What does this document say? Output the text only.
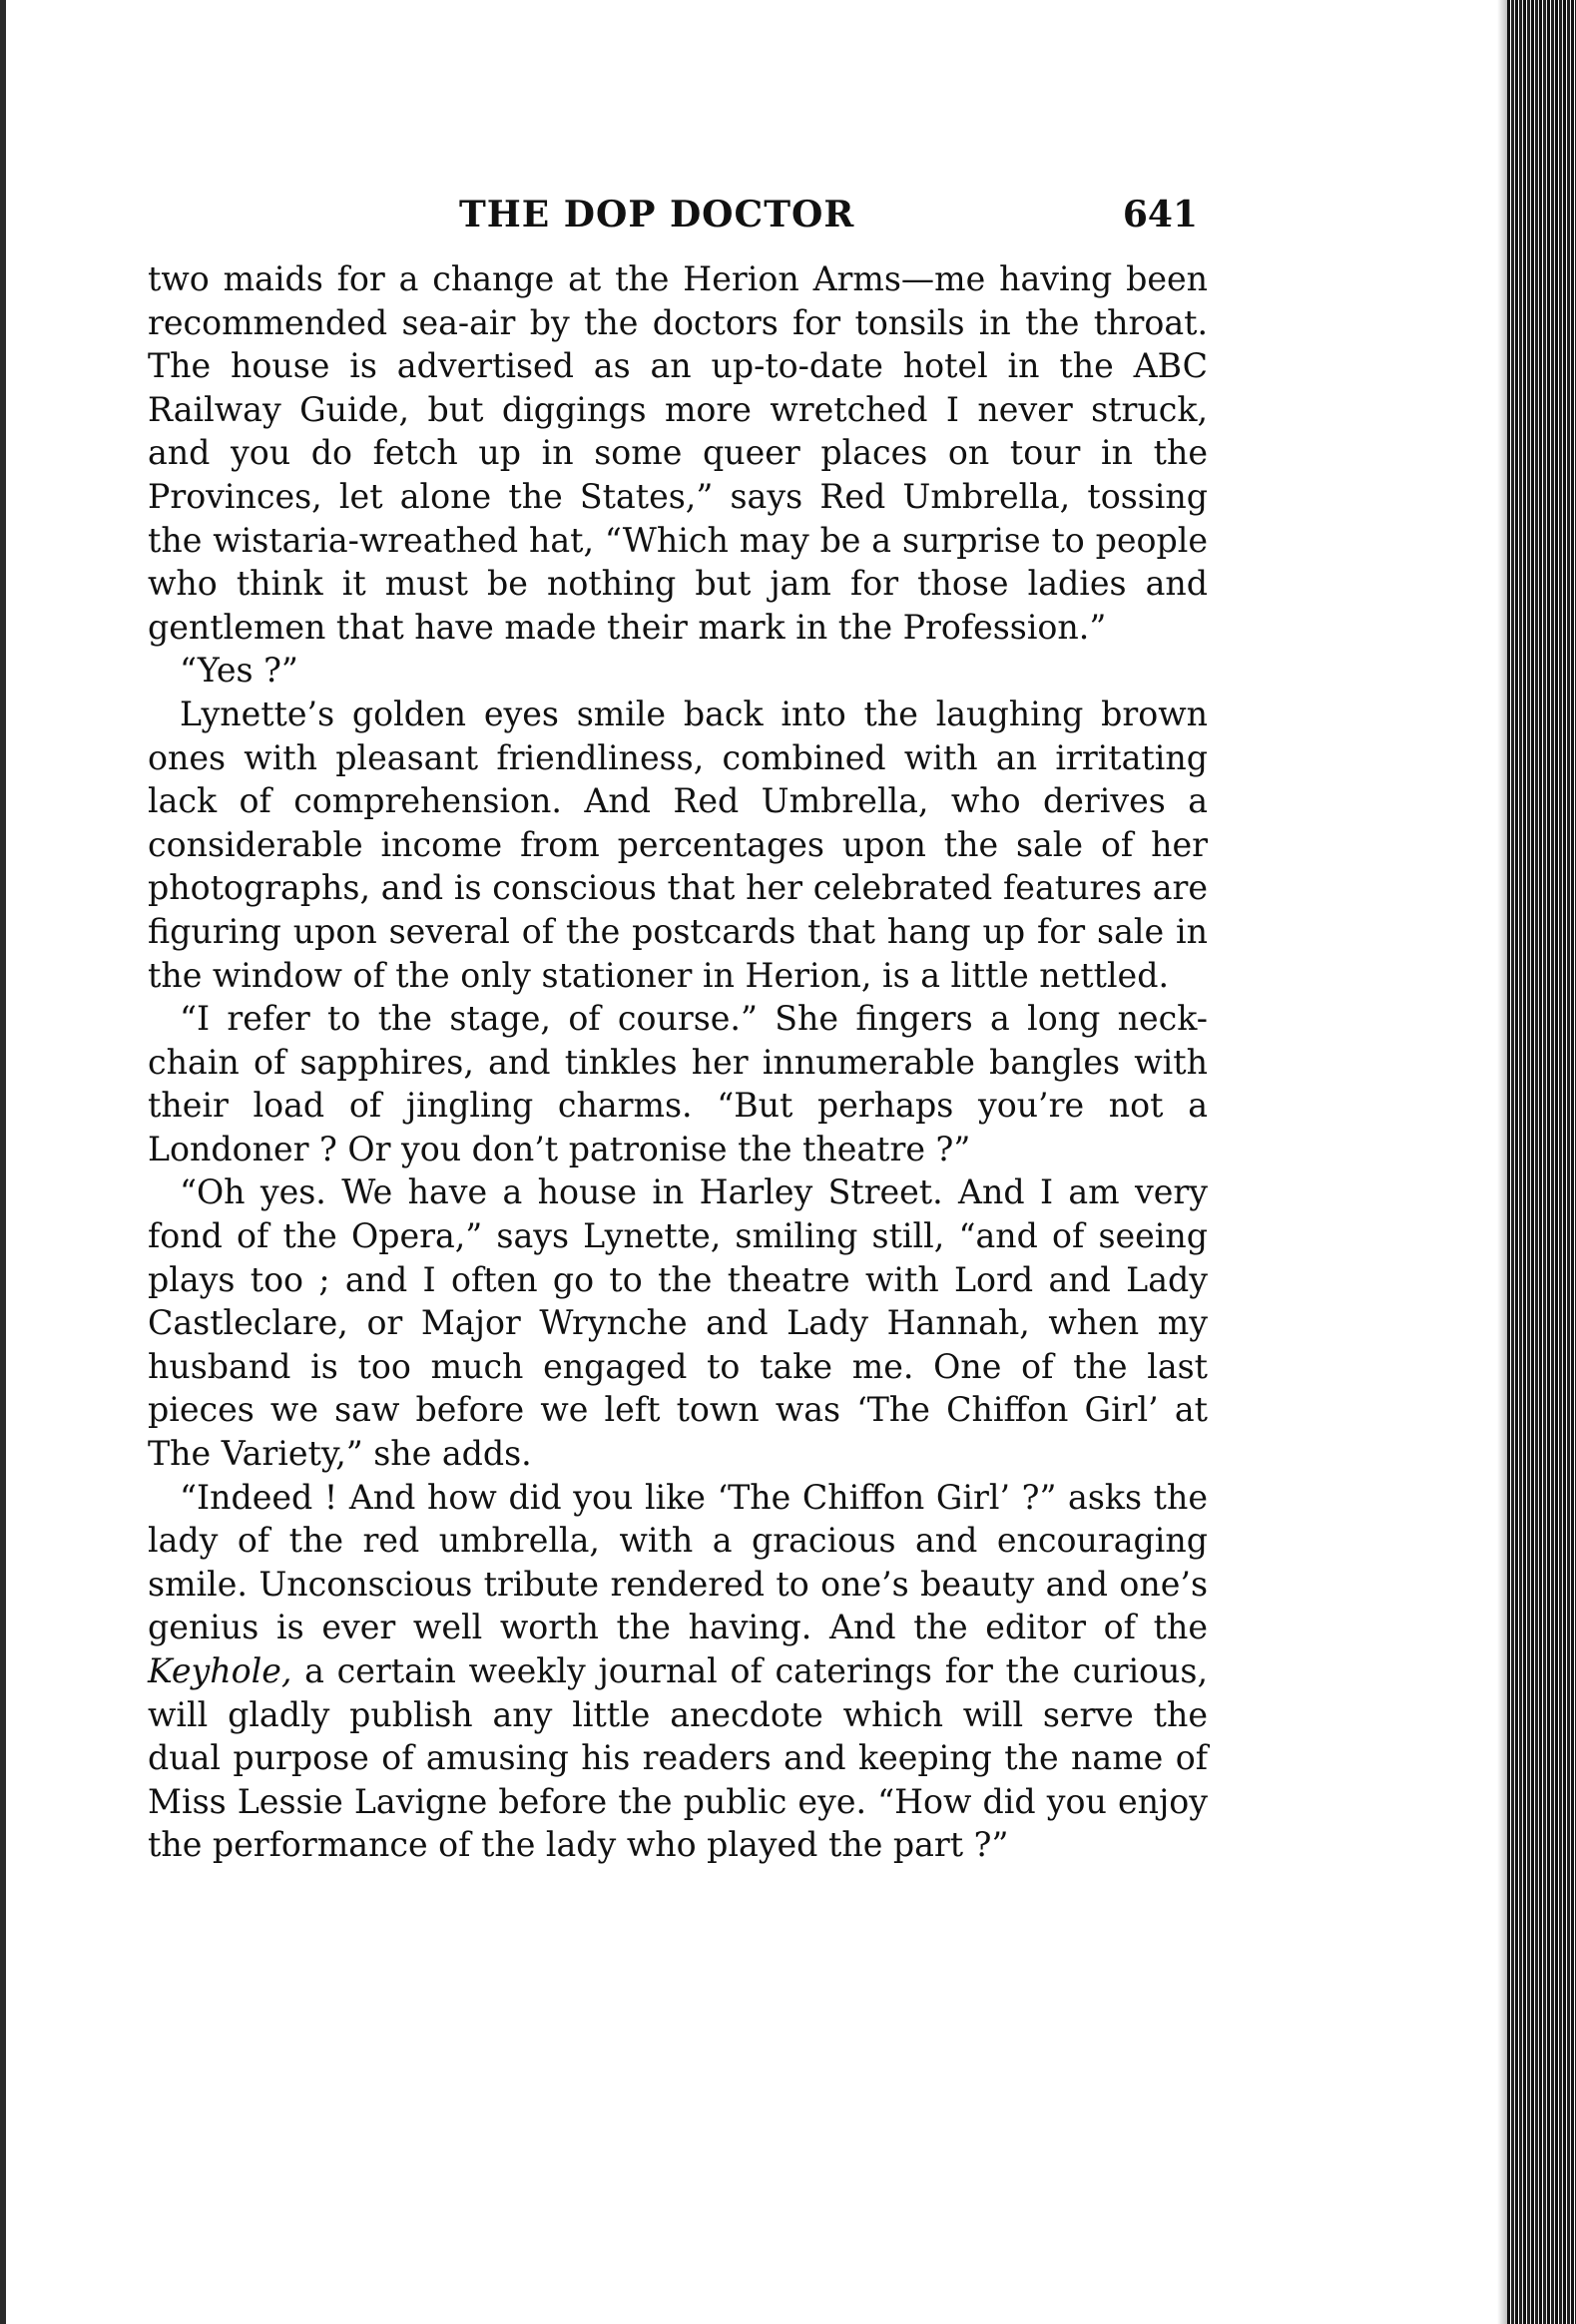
THE DOP DOCTOR	641

two maids for a change at the Herion Arms—me having been recommended sea-air by the doctors for tonsils in the throat. The house is advertised as an up-to-date hotel in the ABC Railway Guide, but diggings more wretched I never struck, and you do fetch up in some queer places on tour in the Provinces, let alone the States,” says Red Umbrella, tossing the wistaria-wreathed hat, “Which may be a surprise to people who think it must be nothing but jam for those ladies and gentlemen that have made their mark in the Profession.”

“Yes ?”

Lynette’s golden eyes smile back into the laughing brown ones with pleasant friendliness, combined with an irritating lack of comprehension. And Red Umbrella, who derives a considerable income from percentages upon the sale of her photographs, and is conscious that her celebrated features are figuring upon several of the postcards that hang up for sale in the window of the only stationer in Herion, is a little nettled.

“I refer to the stage, of course.” She fingers a long neck-chain of sapphires, and tinkles her innumerable bangles with their load of jingling charms. “But perhaps you’re not a Londoner ? Or you don’t patronise the theatre ?”

“Oh yes. We have a house in Harley Street. And I am very fond of the Opera,” says Lynette, smiling still, “and of seeing plays too ; and I often go to the theatre with Lord and Lady Castleclare, or Major Wrynche and Lady Hannah, when my husband is too much engaged to take me. One of the last pieces we saw before we left town was ‘The Chiffon Girl’ at The Variety,” she adds.

“Indeed ! And how did you like ‘The Chiffon Girl’ ?” asks the lady of the red umbrella, with a gracious and encouraging smile. Unconscious tribute rendered to one’s beauty and one’s genius is ever well worth the having. And the editor of the Keyhole, a certain weekly journal of caterings for the curious, will gladly publish any little anecdote which will serve the dual purpose of amusing his readers and keeping the name of Miss Lessie Lavigne before the public eye. “How did you enjoy the performance of the lady who played the part ?”
